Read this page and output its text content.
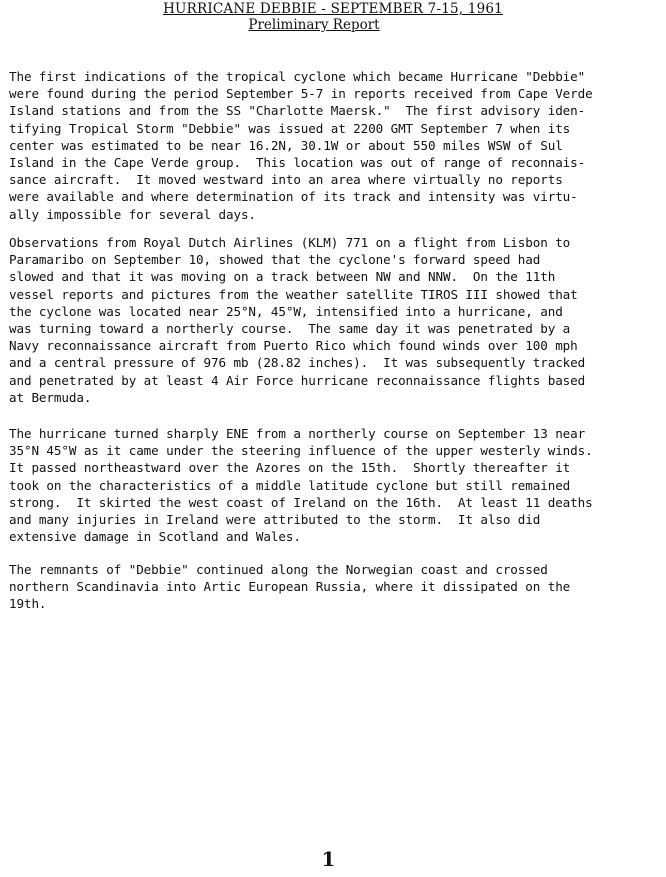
HURRICANE DEBBIE - SEPTEMBER 7-15, 1961
Preliminary Report
The first indications of the tropical cyclone which became Hurricane "Debbie"
were found during the period September 5-7 in reports received from Cape Verde
Island stations and from the SS "Charlotte Maersk."  The first advisory iden-
tifying Tropical Storm "Debbie" was issued at 2200 GMT September 7 when its
center was estimated to be near 16.2N, 30.1W or about 550 miles WSW of Sul
Island in the Cape Verde group.  This location was out of range of reconnais-
sance aircraft.  It moved westward into an area where virtually no reports
were available and where determination of its track and intensity was virtu-
ally impossible for several days.
Observations from Royal Dutch Airlines (KLM) 771 on a flight from Lisbon to
Paramaribo on September 10, showed that the cyclone's forward speed had
slowed and that it was moving on a track between NW and NNW.  On the 11th
vessel reports and pictures from the weather satellite TIROS III showed that
the cyclone was located near 25°N, 45°W, intensified into a hurricane, and
was turning toward a northerly course.  The same day it was penetrated by a
Navy reconnaissance aircraft from Puerto Rico which found winds over 100 mph
and a central pressure of 976 mb (28.82 inches).  It was subsequently tracked
and penetrated by at least 4 Air Force hurricane reconnaissance flights based
at Bermuda.
The hurricane turned sharply ENE from a northerly course on September 13 near
35°N 45°W as it came under the steering influence of the upper westerly winds.
It passed northeastward over the Azores on the 15th.  Shortly thereafter it
took on the characteristics of a middle latitude cyclone but still remained
strong.  It skirted the west coast of Ireland on the 16th.  At least 11 deaths
and many injuries in Ireland were attributed to the storm.  It also did
extensive damage in Scotland and Wales.
The remnants of "Debbie" continued along the Norwegian coast and crossed
northern Scandinavia into Artic European Russia, where it dissipated on the
19th.
1
